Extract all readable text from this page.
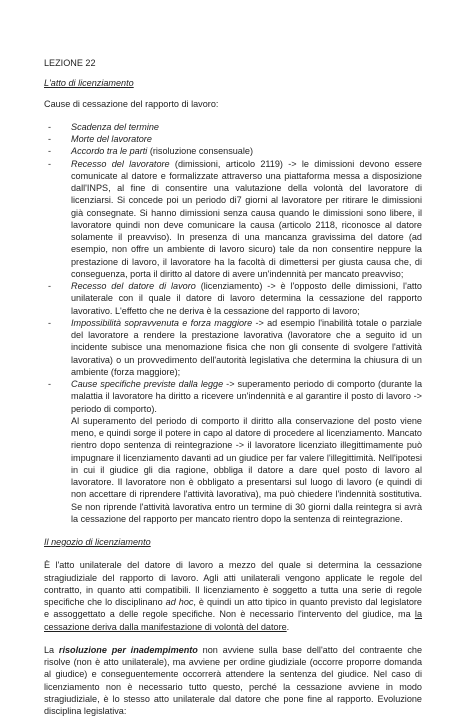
LEZIONE 22

L'atto di licenziamento

Cause di cessazione del rapporto di lavoro:

- Scadenza del termine
- Morte del lavoratore
- Accordo tra le parti (risoluzione consensuale)
- Recesso del lavoratore (dimissioni, articolo 2119) -> le dimissioni devono essere comunicate al datore e formalizzate attraverso una piattaforma messa a disposizione dall'INPS, al fine di consentire una valutazione della volontà del lavoratore di licenziarsi. Si concede poi un periodo di7 giorni al lavoratore per ritirare le dimissioni già consegnate. Si hanno dimissioni senza causa quando le dimissioni sono libere, il lavoratore quindi non deve comunicare la causa (articolo 2118, riconosce al datore solamente il preavviso). In presenza di una mancanza gravissima del datore (ad esempio, non offre un ambiente di lavoro sicuro) tale da non consentire neppure la prestazione di lavoro, il lavoratore ha la facoltà di dimettersi per giusta causa che, di conseguenza, porta il diritto al datore di avere un'indennità per mancato preavviso;
- Recesso del datore di lavoro (licenziamento) -> è l'opposto delle dimissioni, l'atto unilaterale con il quale il datore di lavoro determina la cessazione del rapporto lavorativo. L'effetto che ne deriva è la cessazione del rapporto di lavoro;
- Impossibilità sopravvenuta e forza maggiore -> ad esempio l'inabilità totale o parziale del lavoratore a rendere la prestazione lavorativa (lavoratore che a seguito id un incidente subisce una menomazione fisica che non gli consente di svolgere l'attività lavorativa) o un provvedimento dell'autorità legislativa che determina la chiusura di un ambiente (forza maggiore);
- Cause specifiche previste dalla legge -> superamento periodo di comporto (durante la malattia il lavoratore ha diritto a ricevere un'indennità e al garantire il posto di lavoro -> periodo di comporto).

Al superamento del periodo di comporto il diritto alla conservazione del posto viene meno, e quindi sorge il potere in capo al datore di procedere al licenziamento. Mancato rientro dopo sentenza di reintegrazione -> il lavoratore licenziato illegittimamente può impugnare il licenziamento davanti ad un giudice per far valere l'illegittimità. Nell'ipotesi in cui il giudice gli dia ragione, obbliga il datore a dare quel posto di lavoro al lavoratore. Il lavoratore non è obbligato a presentarsi sul luogo di lavoro (e quindi di non accettare di riprendere l'attività lavorativa), ma può chiedere l'indennità sostitutiva. Se non riprende l'attività lavorativa entro un termine di 30 giorni dalla reintegra si avrà la cessazione del rapporto per mancato rientro dopo la sentenza di reintegrazione.

Il negozio di licenziamento

È l'atto unilaterale del datore di lavoro a mezzo del quale si determina la cessazione stragiudiziale del rapporto di lavoro. Agli atti unilaterali vengono applicate le regole del contratto, in quanto atti compatibili. Il licenziamento è soggetto a tutta una serie di regole specifiche che lo disciplinano ad hoc, è quindi un atto tipico in quanto previsto dal legislatore e assoggettato a delle regole specifiche. Non è necessario l'intervento del giudice, ma la cessazione deriva dalla manifestazione di volontà del datore.

La risoluzione per inadempimento non avviene sulla base dell'atto del contraente che risolve (non è atto unilaterale), ma avviene per ordine giudiziale (occorre proporre domanda al giudice) e conseguentemente occorrerà attendere la sentenza del giudice. Nel caso di licenziamento non è necessario tutto questo, perché la cessazione avviene in modo stragiudiziale, è lo stesso atto unilaterale dal datore che pone fine al rapporto. Evoluzione disciplina legislativa:
